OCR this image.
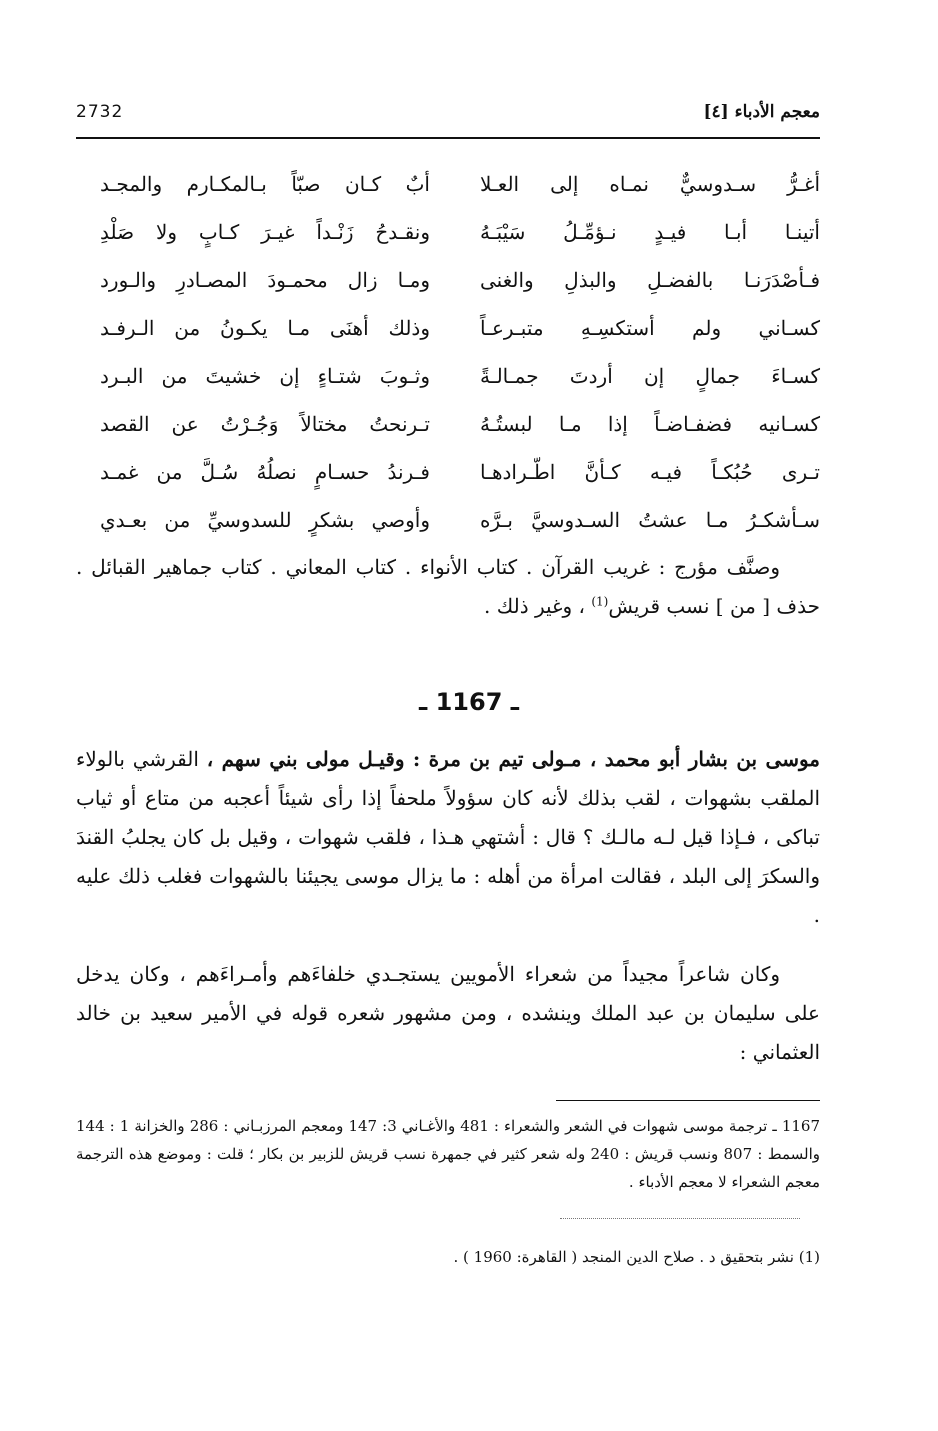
2732	معجم الأدباء [٤]
أغـرُّ سـدوسيٌّ نمـاه إلى العـلا
أبٌ كـان صبّاً بـالمكـارم والمجـد
أتينـا أبـا فيـدٍ نـؤمِّـلُ سَيْبَـهُ
ونقـدحُ زَنْـداً غيـرَ كـابٍ ولا صَلْدِ
فـأصْدَرَنـا بالفضـلِ والبذلِ والغنى
ومـا زال محمـودَ المصـادرِ والـورد
كسـاني ولم أستكسِـهِ متبـرعـاً
وذلك أهنَى مـا يكـونُ من الـرفـد
كسـاءَ جمالٍ إن أردتَ جمـالـةً
وثـوبَ شتـاءٍ إن خشيتَ من البـرد
كسـانيه فضفـاضـاً إذا مـا لبستُـهُ
تـرنحتُ مختالاً وَجُـرْتُ عن القصد
تـرى حُبُكـاً فيـه كـأنَّ اطّـرادهـا
فـرندُ حسـامٍ نصلُهُ سُـلَّ من غمـد
سـأشكـرُ مـا عشتُ السـدوسيَّ بـرَّه
وأوصي بشكرٍ للسدوسيِّ من بعـدي

وصنَّف مؤرج : غريب القرآن . كتاب الأنواء . كتاب المعاني . كتاب جماهير القبائل . حذف [ من ] نسب قريش$^{(1)}$ ، وغير ذلك .

ـ 1167 ـ

موسى بن بشار أبو محمد ، مـولى تيم بن مرة : وقيـل مولى بني سهم ، القرشي بالولاء الملقب بشهوات ، لقب بذلك لأنه كان سؤولاً ملحفاً إذا رأى شيئاً أعجبه من متاع أو ثياب تباكى ، فـإذا قيل لـه مالـك ؟ قال : أشتهي هـذا ، فلقب شهوات ، وقيل بل كان يجلبُ القندَ والسكرَ إلى البلد ، فقالت امرأة من أهله : ما يزال موسى يجيئنا بالشهوات فغلب ذلك عليه .

وكان شاعراً مجيداً من شعراء الأمويين يستجـدي خلفاءَهم وأمـراءَهم ، وكان يدخل على سليمان بن عبد الملك وينشده ، ومن مشهور شعره قوله في الأمير سعيد بن خالد العثماني :

1167 ـ ترجمة موسى شهوات في الشعر والشعراء : 481 والأغـاني 3: 147 ومعجم المرزبـاني : 286 والخزانة 1 : 144 والسمط : 807 ونسب قريش : 240 وله شعر كثير في جمهرة نسب قريش للزبير بن بكار ؛ قلت : وموضع هذه الترجمة معجم الشعراء لا معجم الأدباء .

(1) نشر بتحقيق د . صلاح الدين المنجد ( القاهرة: 1960 ) .
